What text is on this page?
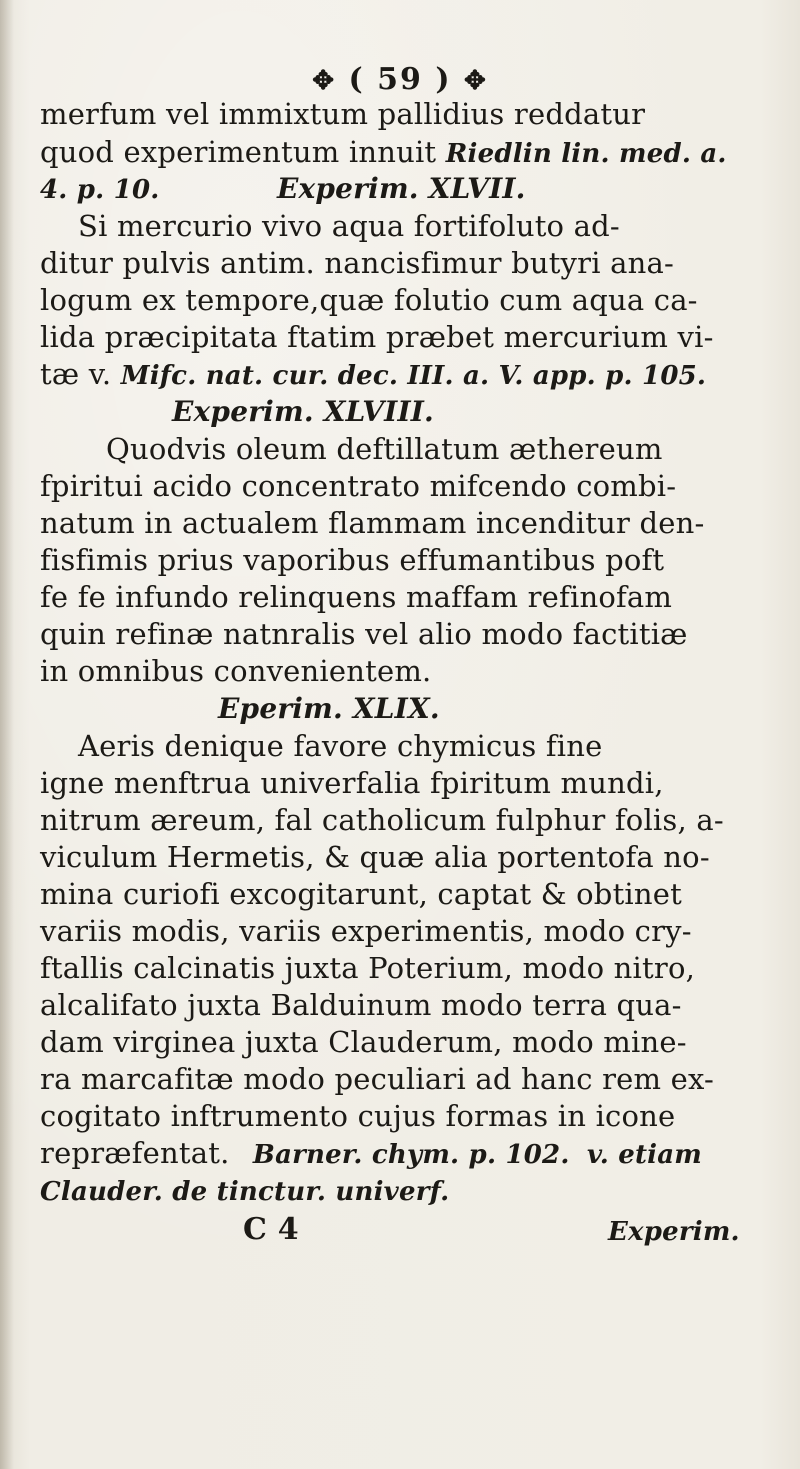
✥ ( 59 ) ✥
merfum vel immixtum pallidius reddatur
quod experimentum innuit Riedlin lin. med. a.
4. p. 10.	Experim. XLVII.
Si mercurio vivo aqua fortifoluto ad-
ditur pulvis antim. nancisfimur butyri ana-
logum ex tempore,quæ folutio cum aqua ca-
lida præcipitata ftatim præbet mercurium vi-
tæ v. Mifc. nat. cur. dec. III. a. V. app. p. 105.
Experim. XLVIII.
Quodvis oleum deftillatum æthereum
fpiritui acido concentrato mifcendo combi-
natum in actualem flammam incenditur den-
fisfimis prius vaporibus effumantibus poft
fe fe infundo relinquens maffam refinofam
quin refinæ natnralis vel alio modo factitiæ
in omnibus convenientem.
Eperim. XLIX.
Aeris denique favore chymicus fine
igne menftrua univerfalia fpiritum mundi,
nitrum æreum, fal catholicum fulphur folis, a-
viculum Hermetis, & quæ alia portentofa no-
mina curiofi excogitarunt, captat & obtinet
variis modis, variis experimentis, modo cry-
ftallis calcinatis juxta Poterium, modo nitro,
alcalifato juxta Balduinum modo terra qua-
dam virginea juxta Clauderum, modo mine-
ra marcafitæ modo peculiari ad hanc rem ex-
cogitato inftrumento cujus formas in icone
repræfentat. Barner. chym. p. 102. v. etiam
Clauder. de tinctur. univerf.
C 4	Experim.
